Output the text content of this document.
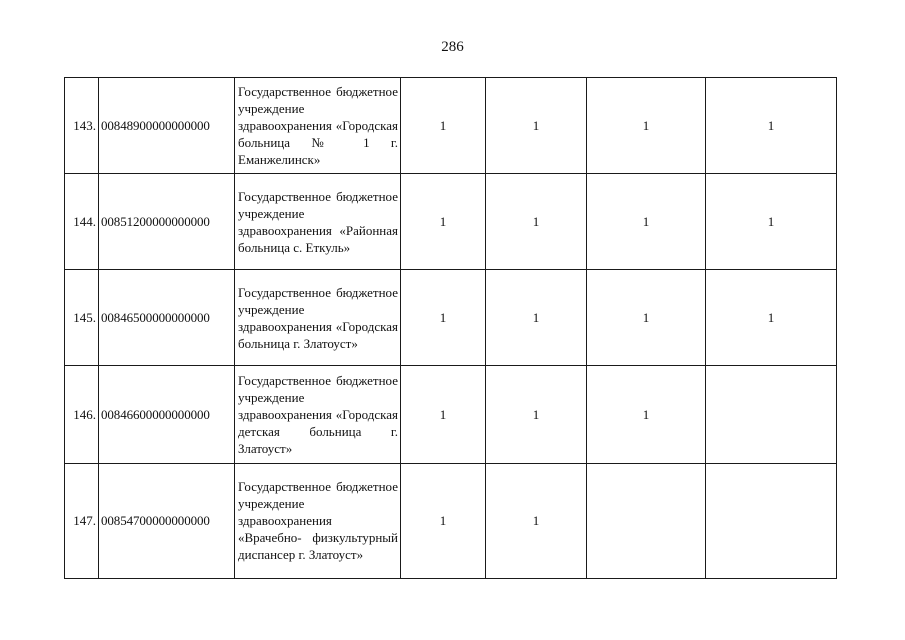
286
143.	00848900000000000	Государственное бюджетное учреждение здравоохранения «Городская больница № 1 г. Еманжелинск»	1	1	1	1
144.	00851200000000000	Государственное бюджетное учреждение здравоохранения «Районная больница с. Еткуль»	1	1	1	1
145.	00846500000000000	Государственное бюджетное учреждение здравоохранения «Городская больница г. Златоуст»	1	1	1	1
146.	00846600000000000	Государственное бюджетное учреждение здравоохранения «Городская детская больница г. Златоуст»	1	1	1	
147.	00854700000000000	Государственное бюджетное учреждение здравоохранения «Врачебно- физкультурный диспансер г. Златоуст»	1	1		
